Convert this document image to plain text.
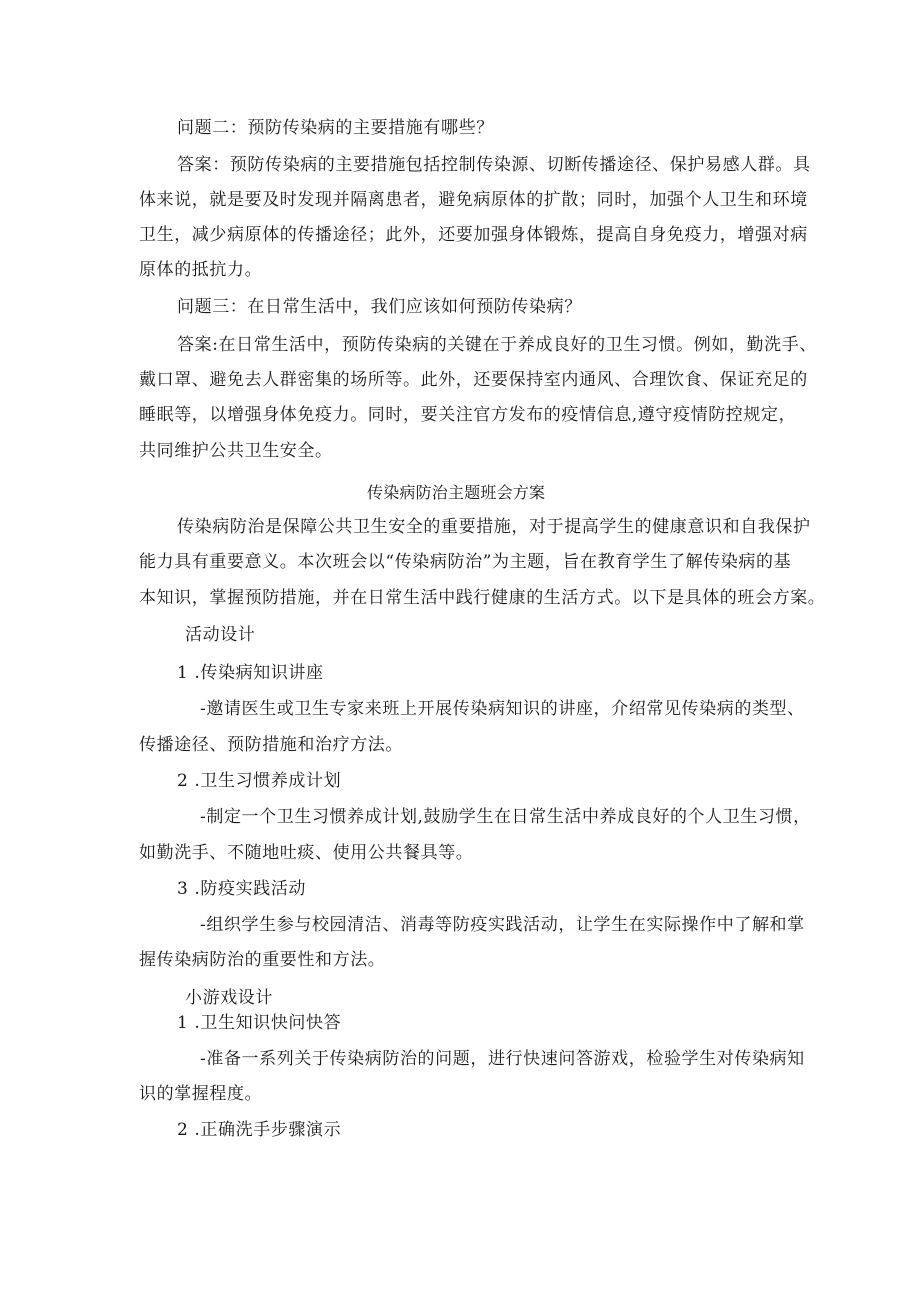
问题二：预防传染病的主要措施有哪些？
答案：预防传染病的主要措施包括控制传染源、切断传播途径、保护易感人群。具
体来说，就是要及时发现并隔离患者，避免病原体的扩散；同时，加强个人卫生和环境
卫生，减少病原体的传播途径；此外，还要加强身体锻炼，提高自身免疫力，增强对病
原体的抵抗力。
问题三：在日常生活中，我们应该如何预防传染病？
答案:在日常生活中，预防传染病的关键在于养成良好的卫生习惯。例如，勤洗手、
戴口罩、避免去人群密集的场所等。此外，还要保持室内通风、合理饮食、保证充足的
睡眠等，以增强身体免疫力。同时，要关注官方发布的疫情信息,遵守疫情防控规定，
共同维护公共卫生安全。
传染病防治主题班会方案
传染病防治是保障公共卫生安全的重要措施，对于提高学生的健康意识和自我保护
能力具有重要意义。本次班会以“传染病防治”为主题，旨在教育学生了解传染病的基
本知识，掌握预防措施，并在日常生活中践行健康的生活方式。以下是具体的班会方案。
活动设计
1 .传染病知识讲座
-邀请医生或卫生专家来班上开展传染病知识的讲座，介绍常见传染病的类型、
传播途径、预防措施和治疗方法。
2 .卫生习惯养成计划
-制定一个卫生习惯养成计划,鼓励学生在日常生活中养成良好的个人卫生习惯，
如勤洗手、不随地吐痰、使用公共餐具等。
3 .防疫实践活动
-组织学生参与校园清洁、消毒等防疫实践活动，让学生在实际操作中了解和掌
握传染病防治的重要性和方法。
小游戏设计
1 .卫生知识快问快答
-准备一系列关于传染病防治的问题，进行快速问答游戏，检验学生对传染病知
识的掌握程度。
2 .正确洗手步骤演示
